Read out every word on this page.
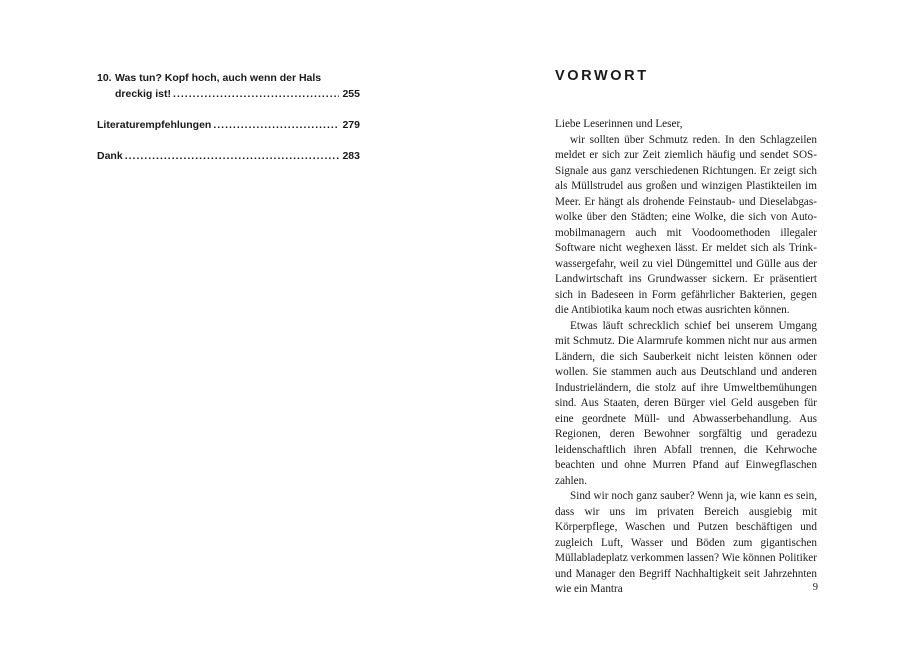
10. Was tun? Kopf hoch, auch wenn der Hals
dreckig ist! .....	255
Literaturempfehlungen .....	279
Dank .....	283
VORWORT

Liebe Leserinnen und Leser,

wir sollten über Schmutz reden. In den Schlagzeilen meldet er sich zur Zeit ziemlich häufig und sendet SOS-Signale aus ganz verschiedenen Richtungen. Er zeigt sich als Müllstrudel aus großen und winzigen Plastikteilen im Meer. Er hängt als drohende Feinstaub- und Dieselabgaswolke über den Städten; eine Wolke, die sich von Automobilmanagern auch mit Voodoomethoden illegaler Software nicht weghexen lässt. Er meldet sich als Trinkwassergefahr, weil zu viel Düngemittel und Gülle aus der Landwirtschaft ins Grundwasser sickern. Er präsentiert sich in Badeseen in Form gefährlicher Bakterien, gegen die Antibiotika kaum noch etwas ausrichten können.

Etwas läuft schrecklich schief bei unserem Umgang mit Schmutz. Die Alarmrufe kommen nicht nur aus armen Ländern, die sich Sauberkeit nicht leisten können oder wollen. Sie stammen auch aus Deutschland und anderen Industrieländern, die stolz auf ihre Umweltbemühungen sind. Aus Staaten, deren Bürger viel Geld ausgeben für eine geordnete Müll- und Abwasserbehandlung. Aus Regionen, deren Bewohner sorgfältig und geradezu leidenschaftlich ihren Abfall trennen, die Kehrwoche beachten und ohne Murren Pfand auf Einwegflaschen zahlen.

Sind wir noch ganz sauber? Wenn ja, wie kann es sein, dass wir uns im privaten Bereich ausgiebig mit Körperpflege, Waschen und Putzen beschäftigen und zugleich Luft, Wasser und Böden zum gigantischen Müllabladeplatz verkommen lassen? Wie können Politiker und Manager den Begriff Nachhaltigkeit seit Jahrzehnten wie ein Mantra	9
